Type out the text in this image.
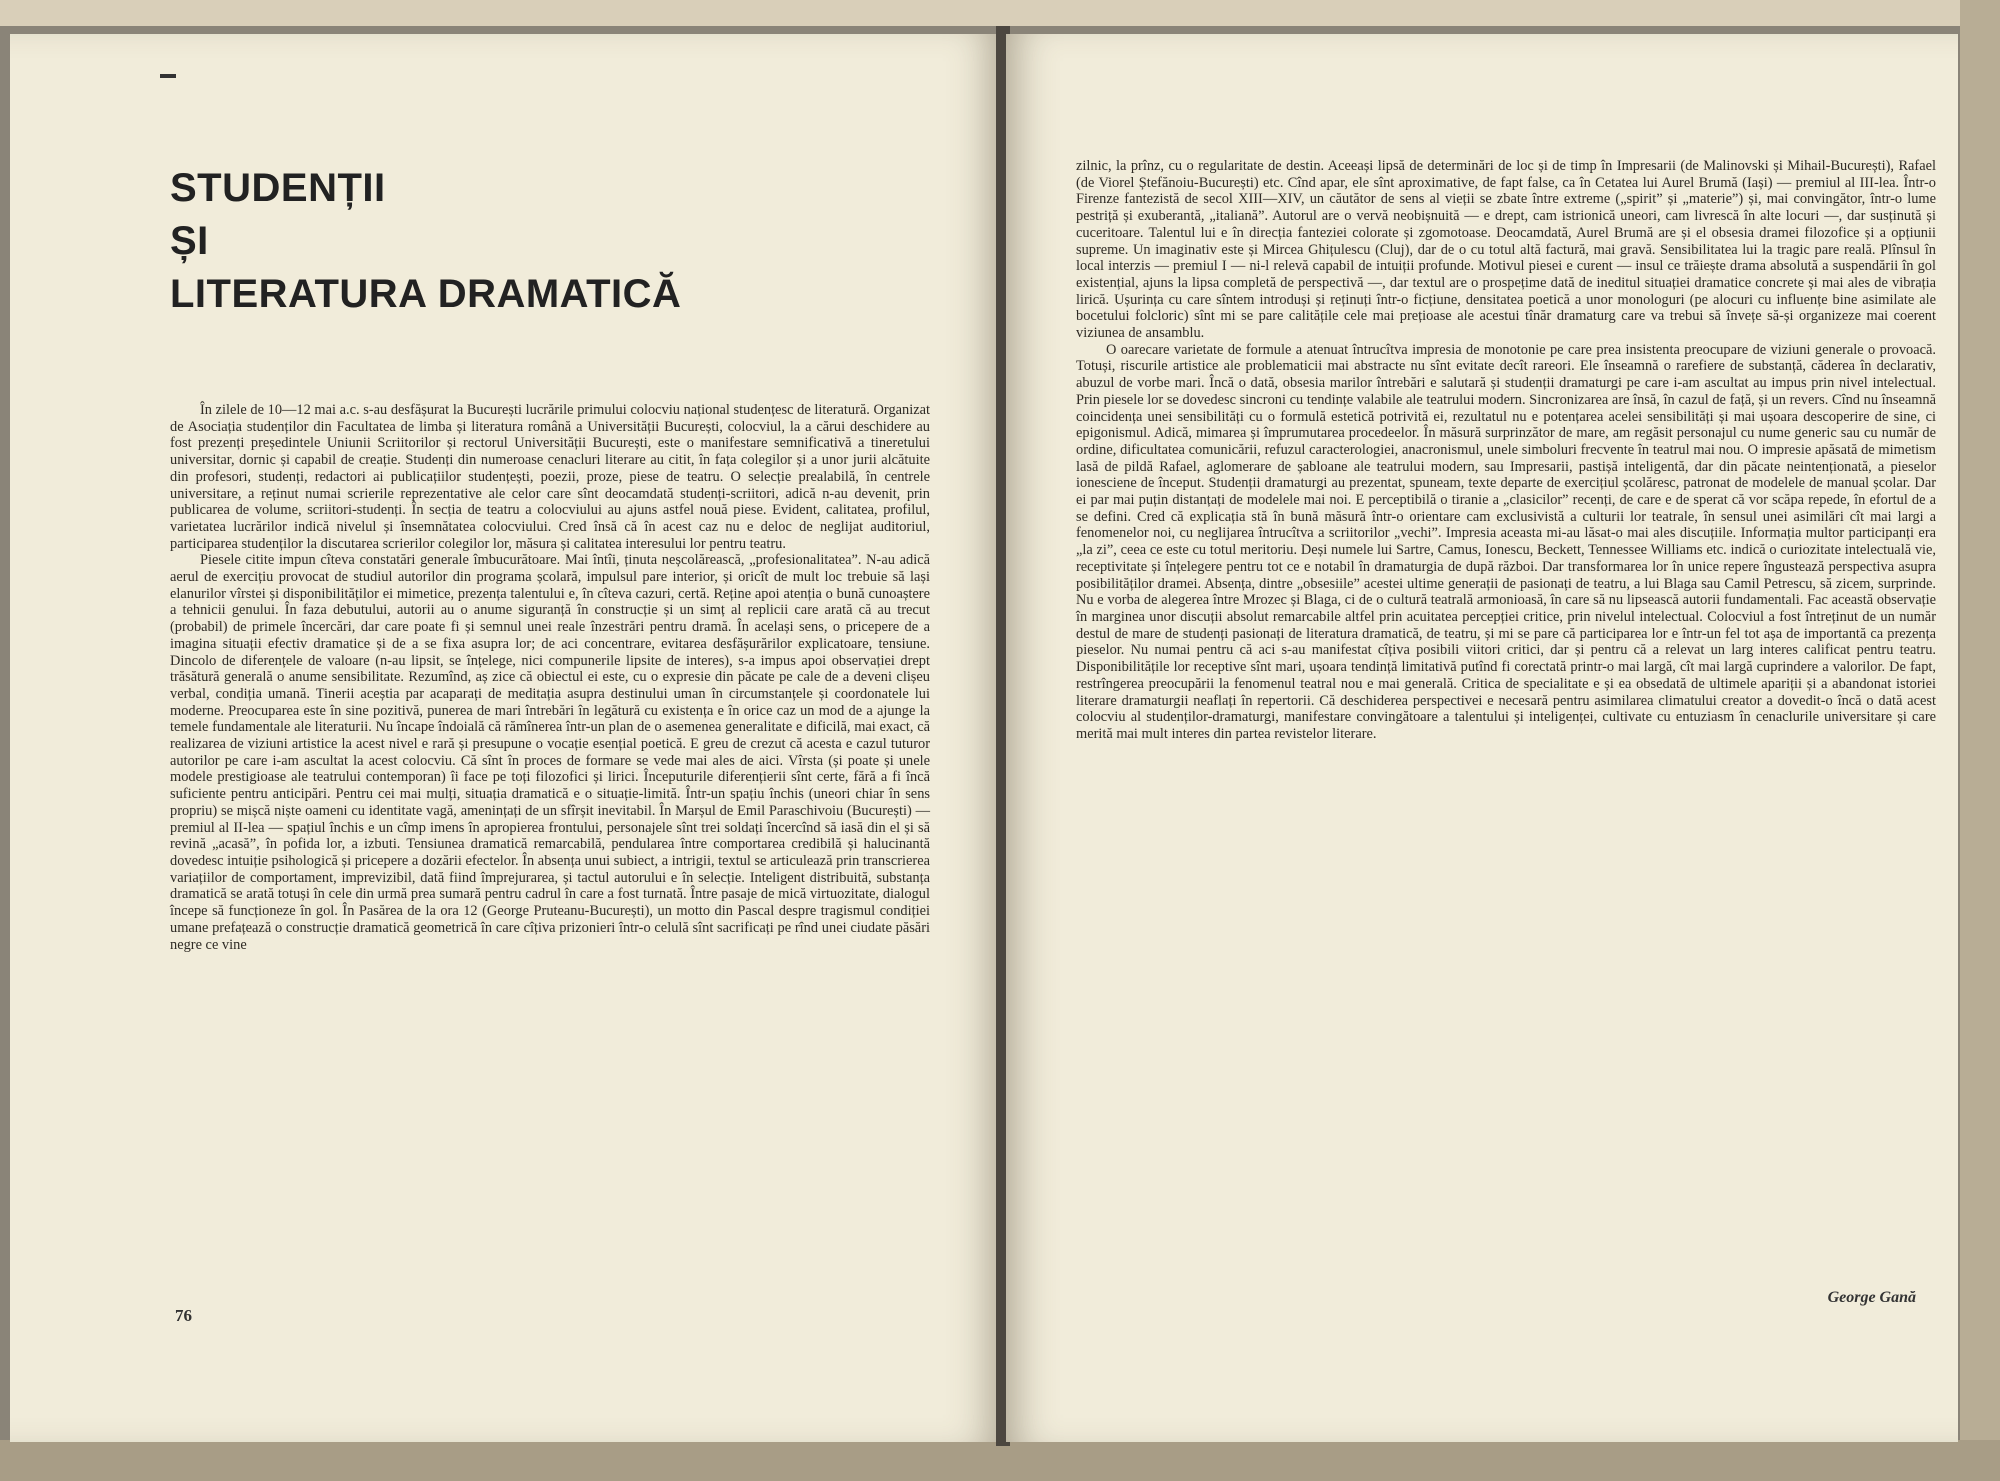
STUDENȚII
ȘI
LITERATURA DRAMATICĂ

În zilele de 10—12 mai a.c. s-au desfășurat la București lucrările primului colocviu național studențesc de literatură. Organizat de Asociația studenților din Facultatea de limba și literatura română a Universității București, colocviul, la a cărui deschidere au fost prezenți președintele Uniunii Scriitorilor și rectorul Universității București, este o manifestare semnificativă a tineretului universitar, dornic și capabil de creație. Studenți din numeroase cenacluri literare au citit, în fața colegilor și a unor jurii alcătuite din profesori, studenți, redactori ai publicațiilor studențești, poezii, proze, piese de teatru. O selecție prealabilă, în centrele universitare, a reținut numai scrierile reprezentative ale celor care sînt deocamdată studenți-scriitori, adică n-au devenit, prin publicarea de volume, scriitori-studenți. În secția de teatru a colocviului au ajuns astfel nouă piese. Evident, calitatea, profilul, varietatea lucrărilor indică nivelul și însemnătatea colocviului. Cred însă că în acest caz nu e deloc de neglijat auditoriul, participarea studenților la discutarea scrierilor colegilor lor, măsura și calitatea interesului lor pentru teatru.

Piesele citite impun cîteva constatări generale îmbucurătoare. Mai întîi, ținuta neșcolărească, „profesionalitatea”. N-au adică aerul de exercițiu provocat de studiul autorilor din programa școlară, impulsul pare interior, și oricît de mult loc trebuie să lași elanurilor vîrstei și disponibilităților ei mimetice, prezența talentului e, în cîteva cazuri, certă. Reține apoi atenția o bună cunoaștere a tehnicii genului. În faza debutului, autorii au o anume siguranță în construcție și un simț al replicii care arată că au trecut (probabil) de primele încercări, dar care poate fi și semnul unei reale înzestrări pentru dramă. În același sens, o pricepere de a imagina situații efectiv dramatice și de a se fixa asupra lor; de aci concentrare, evitarea desfășurărilor explicatoare, tensiune. Dincolo de diferențele de valoare (n-au lipsit, se înțelege, nici compunerile lipsite de interes), s-a impus apoi observației drept trăsătură generală o anume sensibilitate. Rezumînd, aș zice că obiectul ei este, cu o expresie din păcate pe cale de a deveni clișeu verbal, condiția umană. Tinerii aceștia par acaparați de meditația asupra destinului uman în circumstanțele și coordonatele lui moderne. Preocuparea este în sine pozitivă, punerea de mari întrebări în legătură cu existența e în orice caz un mod de a ajunge la temele fundamentale ale literaturii. Nu încape îndoială că rămînerea într-un plan de o asemenea generalitate e dificilă, mai exact, că realizarea de viziuni artistice la acest nivel e rară și presupune o vocație esențial poetică. E greu de crezut că acesta e cazul tuturor autorilor pe care i-am ascultat la acest colocviu. Că sînt în proces de formare se vede mai ales de aici. Vîrsta (și poate și unele modele prestigioase ale teatrului contemporan) îi face pe toți filozofici și lirici. Începuturile diferențierii sînt certe, fără a fi încă suficiente pentru anticipări. Pentru cei mai mulți, situația dramatică e o situație-limită. Într-un spațiu închis (uneori chiar în sens propriu) se mișcă niște oameni cu identitate vagă, amenințați de un sfîrșit inevitabil. În Marșul de Emil Paraschivoiu (București) — premiul al II-lea — spațiul închis e un cîmp imens în apropierea frontului, personajele sînt trei soldați încercînd să iasă din el și să revină „acasă”, în pofida lor, a izbuti. Tensiunea dramatică remarcabilă, pendularea între comportarea credibilă și halucinantă dovedesc intuiție psihologică și pricepere a dozării efectelor. În absența unui subiect, a intrigii, textul se articulează prin transcrierea variațiilor de comportament, imprevizibil, dată fiind împrejurarea, și tactul autorului e în selecție. Inteligent distribuită, substanța dramatică se arată totuși în cele din urmă prea sumară pentru cadrul în care a fost turnată. Între pasaje de mică virtuozitate, dialogul începe să funcționeze în gol. În Pasărea de la ora 12 (George Pruteanu-București), un motto din Pascal despre tragismul condiției umane prefațează o construcție dramatică geometrică în care cîțiva prizonieri într-o celulă sînt sacrificați pe rînd unei ciudate păsări negre ce vine

76

zilnic, la prînz, cu o regularitate de destin. Aceeași lipsă de determinări de loc și de timp în Impresarii (de Malinovski și Mihail-București), Rafael (de Viorel Ștefănoiu-București) etc. Cînd apar, ele sînt aproximative, de fapt false, ca în Cetatea lui Aurel Brumă (Iași) — premiul al III-lea. Într-o Firenze fantezistă de secol XIII—XIV, un căutător de sens al vieții se zbate între extreme („spirit” și „materie”) și, mai convingător, într-o lume pestriță și exuberantă, „italiană”. Autorul are o vervă neobișnuită — e drept, cam istrionică uneori, cam livrescă în alte locuri —, dar susținută și cuceritoare. Talentul lui e în direcția fanteziei colorate și zgomotoase. Deocamdată, Aurel Brumă are și el obsesia dramei filozofice și a opțiunii supreme. Un imaginativ este și Mircea Ghițulescu (Cluj), dar de o cu totul altă factură, mai gravă. Sensibilitatea lui la tragic pare reală. Plînsul în local interzis — premiul I — ni-l relevă capabil de intuiții profunde. Motivul piesei e curent — insul ce trăiește drama absolută a suspendării în gol existențial, ajuns la lipsa completă de perspectivă —, dar textul are o prospețime dată de ineditul situației dramatice concrete și mai ales de vibrația lirică. Ușurința cu care sîntem introduși și reținuți într-o ficțiune, densitatea poetică a unor monologuri (pe alocuri cu influențe bine asimilate ale bocetului folcloric) sînt mi se pare calitățile cele mai prețioase ale acestui tînăr dramaturg care va trebui să învețe să-și organizeze mai coerent viziunea de ansamblu.

O oarecare varietate de formule a atenuat întrucîtva impresia de monotonie pe care prea insistenta preocupare de viziuni generale o provoacă. Totuși, riscurile artistice ale problematicii mai abstracte nu sînt evitate decît rareori. Ele înseamnă o rarefiere de substanță, căderea în declarativ, abuzul de vorbe mari. Încă o dată, obsesia marilor întrebări e salutară și studenții dramaturgi pe care i-am ascultat au impus prin nivel intelectual. Prin piesele lor se dovedesc sincroni cu tendințe valabile ale teatrului modern. Sincronizarea are însă, în cazul de față, și un revers. Cînd nu înseamnă coincidența unei sensibilități cu o formulă estetică potrivită ei, rezultatul nu e potențarea acelei sensibilități și mai ușoara descoperire de sine, ci epigonismul. Adică, mimarea și împrumutarea procedeelor. În măsură surprinzător de mare, am regăsit personajul cu nume generic sau cu număr de ordine, dificultatea comunicării, refuzul caracterologiei, anacronismul, unele simboluri frecvente în teatrul mai nou. O impresie apăsată de mimetism lasă de pildă Rafael, aglomerare de șabloane ale teatrului modern, sau Impresarii, pastișă inteligentă, dar din păcate neintenționată, a pieselor ionesciene de început. Studenții dramaturgi au prezentat, spuneam, texte departe de exercițiul școlăresc, patronat de modelele de manual școlar. Dar ei par mai puțin distanțați de modelele mai noi. E perceptibilă o tiranie a „clasicilor” recenți, de care e de sperat că vor scăpa repede, în efortul de a se defini. Cred că explicația stă în bună măsură într-o orientare cam exclusivistă a culturii lor teatrale, în sensul unei asimilări cît mai largi a fenomenelor noi, cu neglijarea întrucîtva a scriitorilor „vechi”. Impresia aceasta mi-au lăsat-o mai ales discuțiile. Informația multor participanți era „la zi”, ceea ce este cu totul meritoriu. Deși numele lui Sartre, Camus, Ionescu, Beckett, Tennessee Williams etc. indică o curiozitate intelectuală vie, receptivitate și înțelegere pentru tot ce e notabil în dramaturgia de după război. Dar transformarea lor în unice repere îngustează perspectiva asupra posibilităților dramei. Absența, dintre „obsesiile” acestei ultime generații de pasionați de teatru, a lui Blaga sau Camil Petrescu, să zicem, surprinde. Nu e vorba de alegerea între Mrozec și Blaga, ci de o cultură teatrală armonioasă, în care să nu lipsească autorii fundamentali. Fac această observație în marginea unor discuții absolut remarcabile altfel prin acuitatea percepției critice, prin nivelul intelectual. Colocviul a fost întreținut de un număr destul de mare de studenți pasionați de literatura dramatică, de teatru, și mi se pare că participarea lor e într-un fel tot așa de importantă ca prezența pieselor. Nu numai pentru că aci s-au manifestat cîțiva posibili viitori critici, dar și pentru că a relevat un larg interes calificat pentru teatru. Disponibilitățile lor receptive sînt mari, ușoara tendință limitativă putînd fi corectată printr-o mai largă, cît mai largă cuprindere a valorilor. De fapt, restrîngerea preocupării la fenomenul teatral nou e mai generală. Critica de specialitate e și ea obsedată de ultimele apariții și a abandonat istoriei literare dramaturgii neaflați în repertorii. Că deschiderea perspectivei e necesară pentru asimilarea climatului creator a dovedit-o încă o dată acest colocviu al studenților-dramaturgi, manifestare convingătoare a talentului și inteligenței, cultivate cu entuziasm în cenaclurile universitare și care merită mai mult interes din partea revistelor literare.

George Gană
